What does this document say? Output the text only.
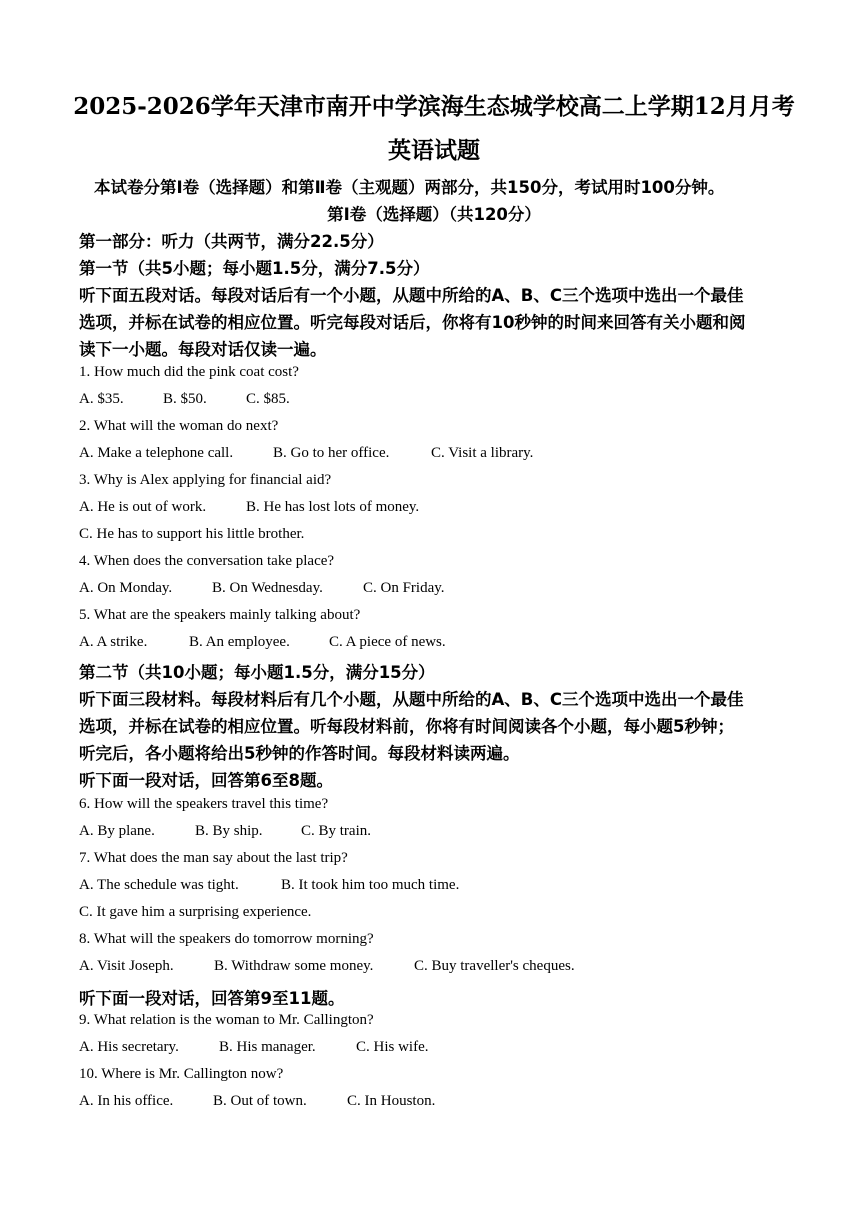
2025-2026学年天津市南开中学滨海生态城学校高二上学期12月月考
英语试题
本试卷分第Ⅰ卷（选择题）和第Ⅱ卷（主观题）两部分，共150分，考试用时100分钟。
第Ⅰ卷（选择题）（共120分）
第一部分：听力（共两节，满分22.5分）
第一节（共5小题；每小题1.5分，满分7.5分）
听下面五段对话。每段对话后有一个小题，从题中所给的A、B、C三个选项中选出一个最佳
选项，并标在试卷的相应位置。听完每段对话后，你将有10秒钟的时间来回答有关小题和阅
读下一小题。每段对话仅读一遍。
1. How much did the pink coat cost?
A. $35.	B. $50.	C. $85.
2. What will the woman do next?
A. Make a telephone call.	B. Go to her office.	C. Visit a library.
3. Why is Alex applying for financial aid?
A. He is out of work.	B. He has lost lots of money.
C. He has to support his little brother.
4. When does the conversation take place?
A. On Monday.	B. On Wednesday.	C. On Friday.
5. What are the speakers mainly talking about?
A. A strike.	B. An employee.	C. A piece of news.
第二节（共10小题；每小题1.5分，满分15分）
听下面三段材料。每段材料后有几个小题，从题中所给的A、B、C三个选项中选出一个最佳
选项，并标在试卷的相应位置。听每段材料前，你将有时间阅读各个小题，每小题5秒钟；
听完后，各小题将给出5秒钟的作答时间。每段材料读两遍。
听下面一段对话，回答第6至8题。
6. How will the speakers travel this time?
A. By plane.	B. By ship.	C. By train.
7. What does the man say about the last trip?
A. The schedule was tight.	B. It took him too much time.
C. It gave him a surprising experience.
8. What will the speakers do tomorrow morning?
A. Visit Joseph.	B. Withdraw some money.	C. Buy traveller's cheques.
听下面一段对话，回答第9至11题。
9. What relation is the woman to Mr. Callington?
A. His secretary.	B. His manager.	C. His wife.
10. Where is Mr. Callington now?
A. In his office.	B. Out of town.	C. In Houston.
